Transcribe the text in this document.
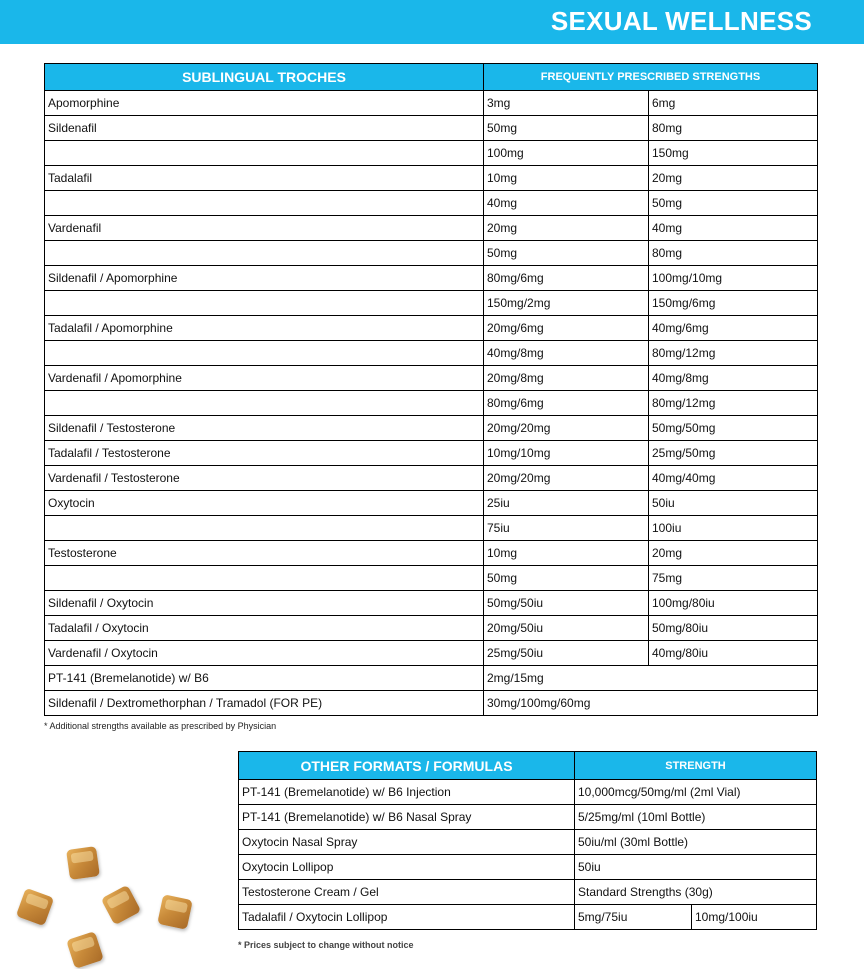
SEXUAL WELLNESS
SUBLINGUAL TROCHES	FREQUENTLY PRESCRIBED STRENGTHS	
Apomorphine	3mg	6mg
Sildenafil	50mg	80mg
	100mg	150mg
Tadalafil	10mg	20mg
	40mg	50mg
Vardenafil	20mg	40mg
	50mg	80mg
Sildenafil / Apomorphine	80mg/6mg	100mg/10mg
	150mg/2mg	150mg/6mg
Tadalafil / Apomorphine	20mg/6mg	40mg/6mg
	40mg/8mg	80mg/12mg
Vardenafil / Apomorphine	20mg/8mg	40mg/8mg
	80mg/6mg	80mg/12mg
Sildenafil / Testosterone	20mg/20mg	50mg/50mg
Tadalafil / Testosterone	10mg/10mg	25mg/50mg
Vardenafil / Testosterone	20mg/20mg	40mg/40mg
Oxytocin	25iu	50iu
	75iu	100iu
Testosterone	10mg	20mg
	50mg	75mg
Sildenafil / Oxytocin	50mg/50iu	100mg/80iu
Tadalafil / Oxytocin	20mg/50iu	50mg/80iu
Vardenafil / Oxytocin	25mg/50iu	40mg/80iu
PT-141 (Bremelanotide) w/ B6	2mg/15mg	
Sildenafil / Dextromethorphan / Tramadol (FOR PE)	30mg/100mg/60mg	
* Additional strengths available as prescribed by Physician
OTHER FORMATS / FORMULAS	STRENGTH	
PT-141 (Bremelanotide) w/ B6 Injection	10,000mcg/50mg/ml (2ml Vial)	
PT-141 (Bremelanotide) w/ B6 Nasal Spray	5/25mg/ml (10ml Bottle)	
Oxytocin Nasal Spray	50iu/ml (30ml Bottle)	
Oxytocin Lollipop	50iu	
Testosterone Cream / Gel	Standard Strengths (30g)	
Tadalafil / Oxytocin Lollipop	5mg/75iu	10mg/100iu
* Prices subject to change without notice
